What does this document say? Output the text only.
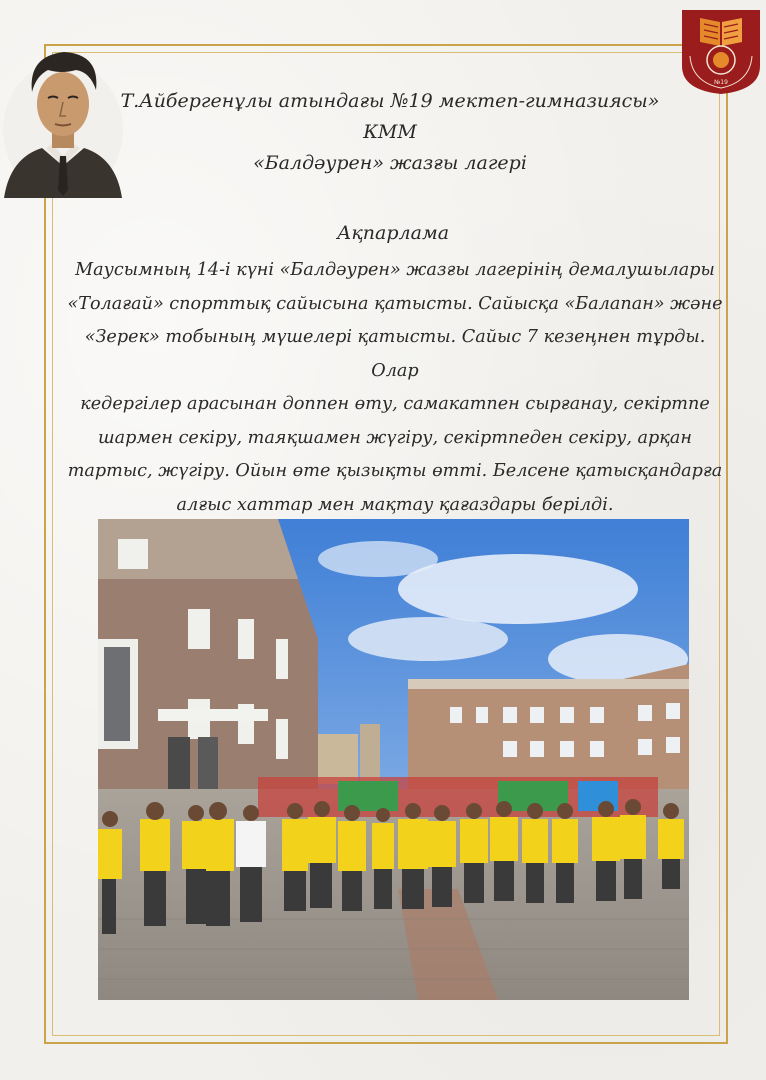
№19
Т.Айбергенұлы атындағы №19 мектеп-гимназиясы» КММ
«Балдәурен» жазғы лагері
Ақпарлама
Маусымның 14-і күні «Балдәурен» жазғы лагерінің демалушылары
«Толағай» спорттық сайысына қатысты. Сайысқа «Балапан» және
«Зерек» тобының мүшелері қатысты. Сайыс 7 кезеңнен тұрды. Олар
кедергілер арасынан доппен өту, самакатпен сырғанау, секіртпе
шармен секіру, таяқшамен жүгіру, секіртпеден секіру, арқан
тартыс, жүгіру. Ойын өте қызықты өтті. Белсене қатысқандарға
алғыс хаттар мен мақтау қағаздары берілді.
